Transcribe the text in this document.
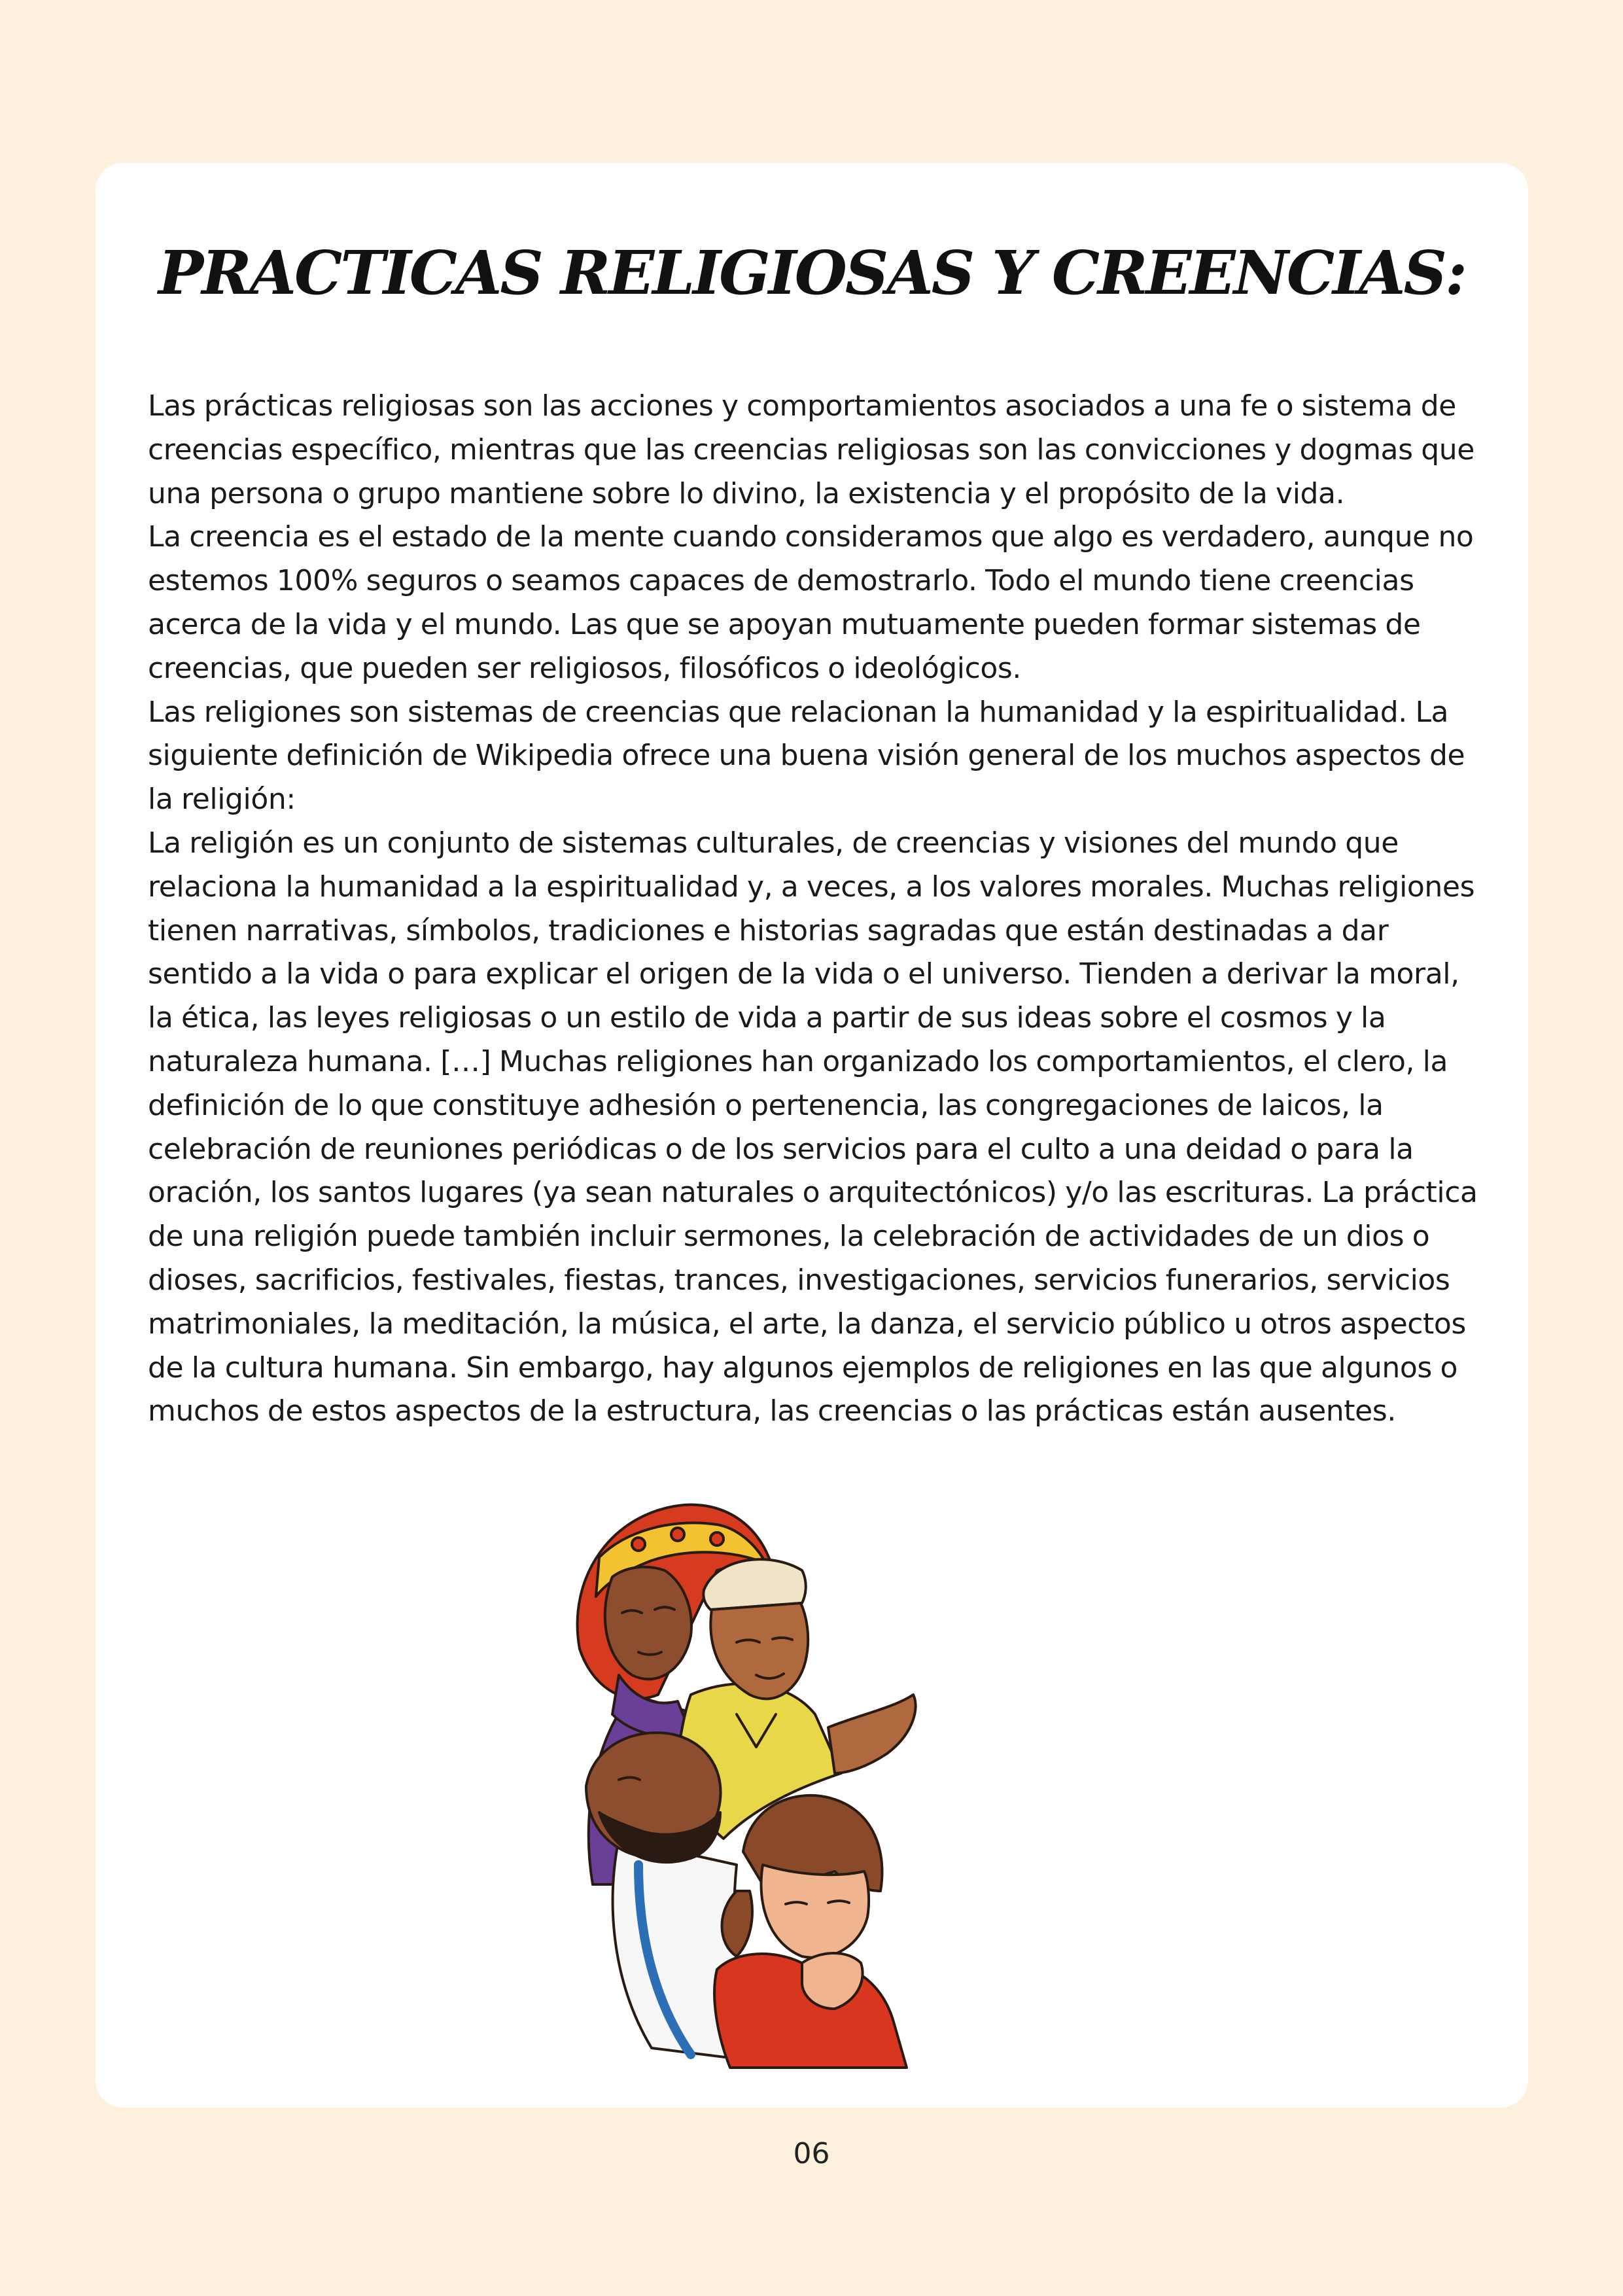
PRACTICAS RELIGIOSAS Y CREENCIAS:
Las prácticas religiosas son las acciones y comportamientos asociados a una fe o sistema de
creencias específico, mientras que las creencias religiosas son las convicciones y dogmas que
una persona o grupo mantiene sobre lo divino, la existencia y el propósito de la vida.
La creencia es el estado de la mente cuando consideramos que algo es verdadero, aunque no
estemos 100% seguros o seamos capaces de demostrarlo. Todo el mundo tiene creencias
acerca de la vida y el mundo. Las que se apoyan mutuamente pueden formar sistemas de
creencias, que pueden ser religiosos, filosóficos o ideológicos.
Las religiones son sistemas de creencias que relacionan la humanidad y la espiritualidad. La
siguiente definición de Wikipedia ofrece una buena visión general de los muchos aspectos de
la religión:
La religión es un conjunto de sistemas culturales, de creencias y visiones del mundo que
relaciona la humanidad a la espiritualidad y, a veces, a los valores morales. Muchas religiones
tienen narrativas, símbolos, tradiciones e historias sagradas que están destinadas a dar
sentido a la vida o para explicar el origen de la vida o el universo. Tienden a derivar la moral,
la ética, las leyes religiosas o un estilo de vida a partir de sus ideas sobre el cosmos y la
naturaleza humana. […] Muchas religiones han organizado los comportamientos, el clero, la
definición de lo que constituye adhesión o pertenencia, las congregaciones de laicos, la
celebración de reuniones periódicas o de los servicios para el culto a una deidad o para la
oración, los santos lugares (ya sean naturales o arquitectónicos) y/o las escrituras. La práctica
de una religión puede también incluir sermones, la celebración de actividades de un dios o
dioses, sacrificios, festivales, fiestas, trances, investigaciones, servicios funerarios, servicios
matrimoniales, la meditación, la música, el arte, la danza, el servicio público u otros aspectos
de la cultura humana. Sin embargo, hay algunos ejemplos de religiones en las que algunos o
muchos de estos aspectos de la estructura, las creencias o las prácticas están ausentes.
06
